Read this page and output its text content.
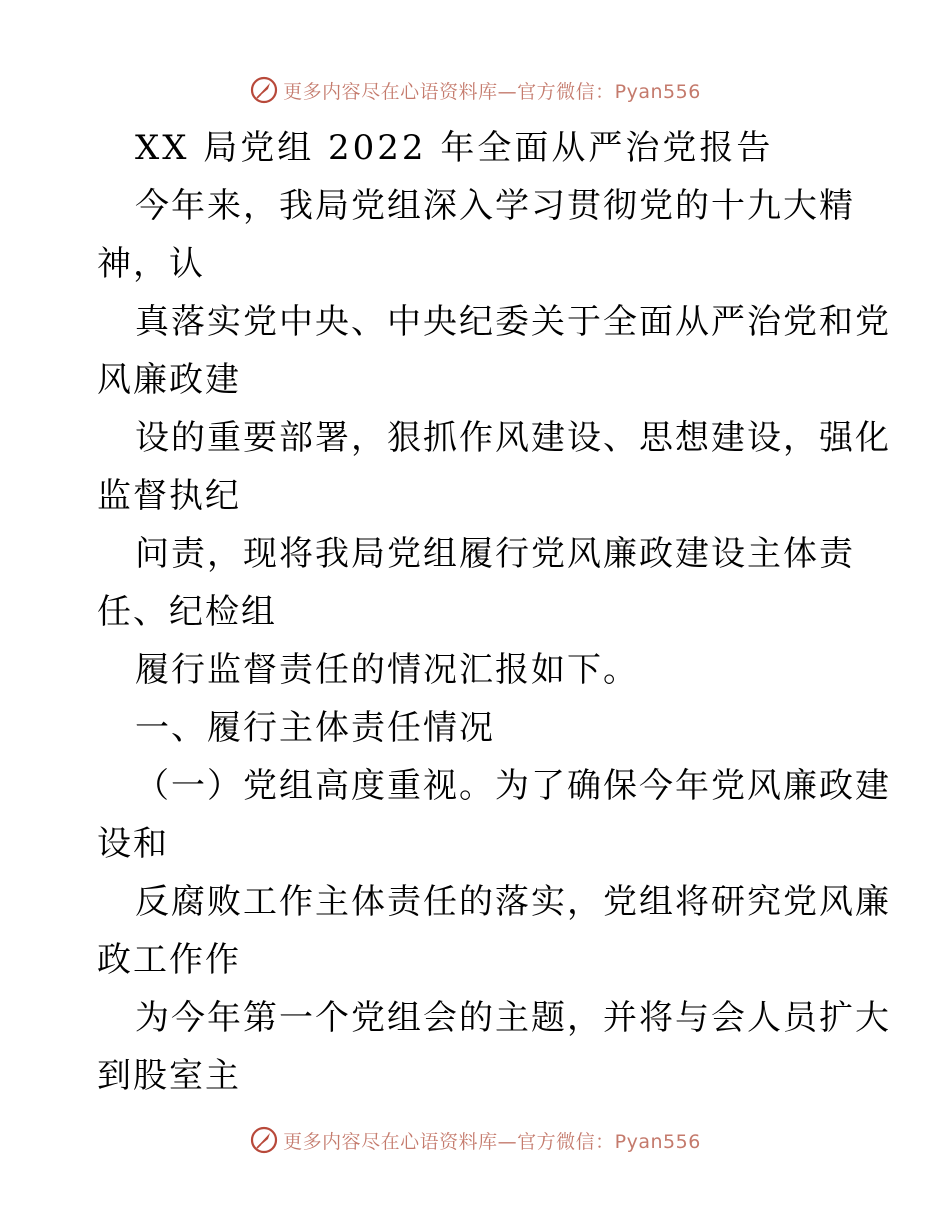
更多内容尽在心语资料库—官方微信：Pyan556
XX 局党组 2022 年全面从严治党报告
今年来，我局党组深入学习贯彻党的十九大精
神，认
真落实党中央、中央纪委关于全面从严治党和党
风廉政建
设的重要部署，狠抓作风建设、思想建设，强化
监督执纪
问责，现将我局党组履行党风廉政建设主体责
任、纪检组
履行监督责任的情况汇报如下。
一、履行主体责任情况
（一）党组高度重视。为了确保今年党风廉政建
设和
反腐败工作主体责任的落实，党组将研究党风廉
政工作作
为今年第一个党组会的主题，并将与会人员扩大
到股室主
更多内容尽在心语资料库—官方微信：Pyan556
